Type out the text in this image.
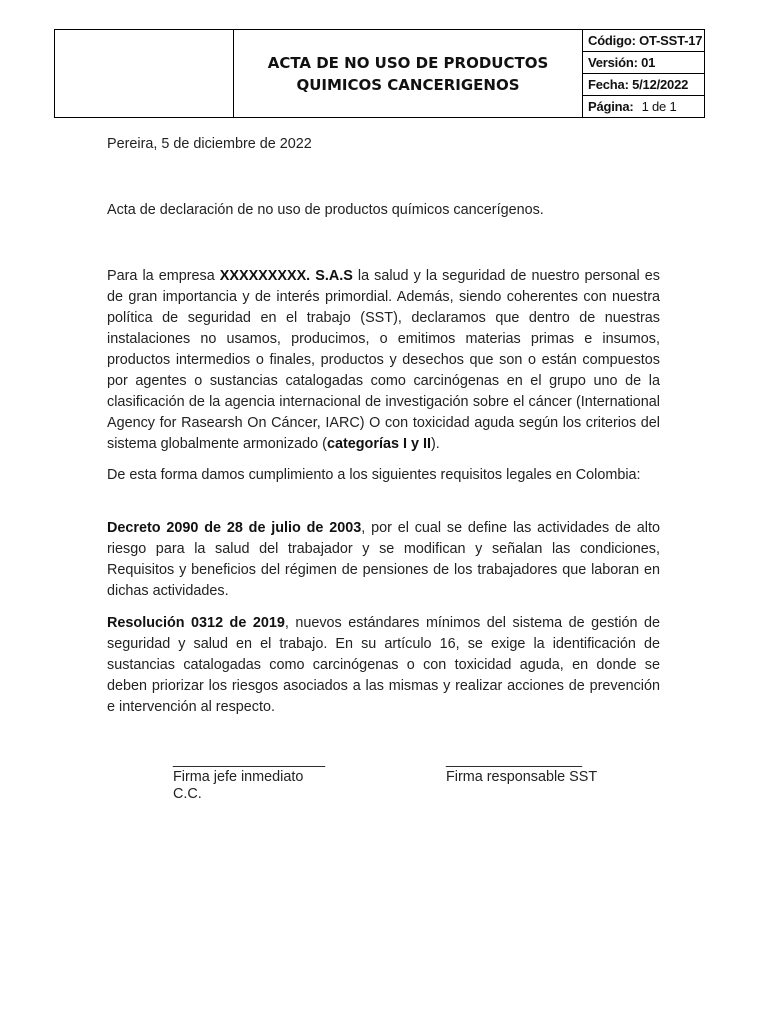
ACTA DE NO USO DE PRODUCTOS
QUIMICOS CANCERIGENOS
	Código: OT-SST-17
Versión: 01
Fecha: 5/12/2022
Página: 1 de 1
Pereira, 5 de diciembre de 2022
Acta de declaración de no uso de productos químicos cancerígenos.
Para la empresa XXXXXXXXX. S.A.S la salud y la seguridad de nuestro personal es de gran importancia y de interés primordial. Además, siendo coherentes con nuestra política de seguridad en el trabajo (SST), declaramos que dentro de nuestras instalaciones no usamos, producimos, o emitimos materias primas e insumos, productos intermedios o finales, productos y desechos que son o están compuestos por agentes o sustancias catalogadas como carcinógenas en el grupo uno de la clasificación de la agencia internacional de investigación sobre el cáncer (International Agency for Rasearsh On Cáncer, IARC) O con toxicidad aguda según los criterios del sistema globalmente armonizado (categorías I y II).
De esta forma damos cumplimiento a los siguientes requisitos legales en Colombia:
Decreto 2090 de 28 de julio de 2003, por el cual se define las actividades de alto riesgo para la salud del trabajador y se modifican y señalan las condiciones, Requisitos y beneficios del régimen de pensiones de los trabajadores que laboran en dichas actividades.
Resolución 0312 de 2019, nuevos estándares mínimos del sistema de gestión de seguridad y salud en el trabajo. En su artículo 16, se exige la identificación de sustancias catalogadas como carcinógenas o con toxicidad aguda, en donde se deben priorizar los riesgos asociados a las mismas y realizar acciones de prevención e intervención al respecto.
___________________
Firma jefe inmediato
C.C.
_________________
Firma responsable SST
